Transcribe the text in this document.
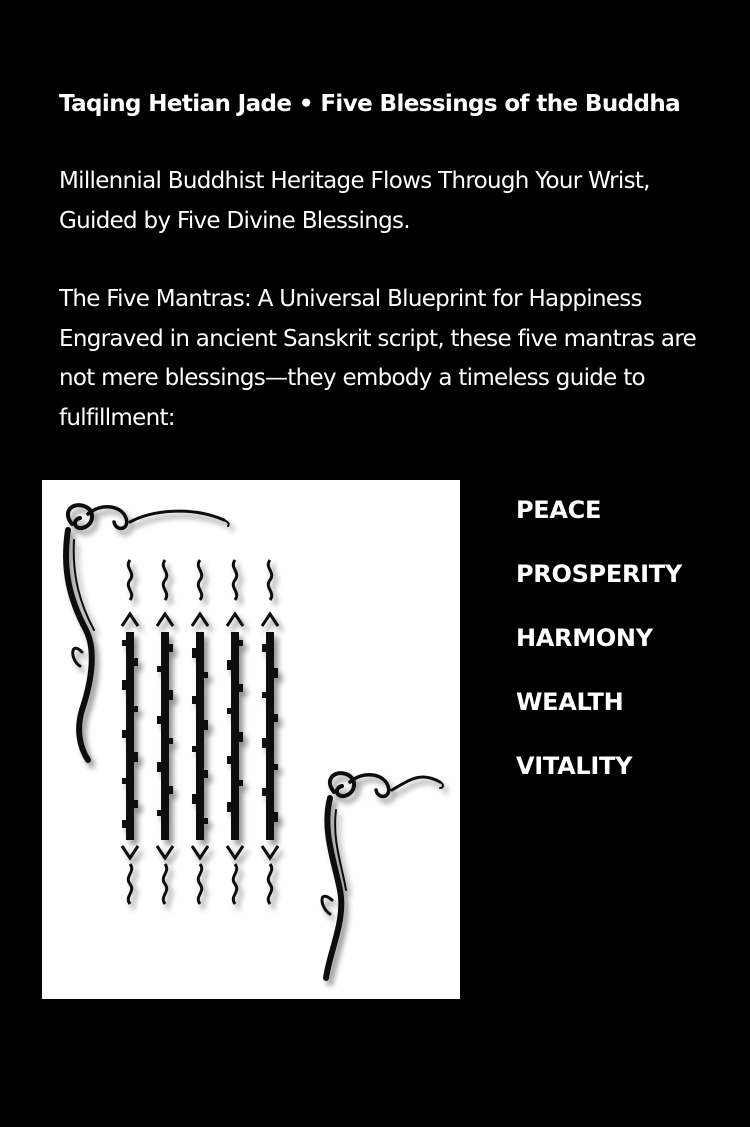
Taqing Hetian Jade • Five Blessings of the Buddha

Millennial Buddhist Heritage Flows Through Your Wrist, Guided by Five Divine Blessings.

The Five Mantras: A Universal Blueprint for Happiness Engraved in ancient Sanskrit script, these five mantras are not mere blessings—they embody a timeless guide to fulfillment:

PEACE
PROSPERITY
HARMONY
WEALTH
VITALITY
